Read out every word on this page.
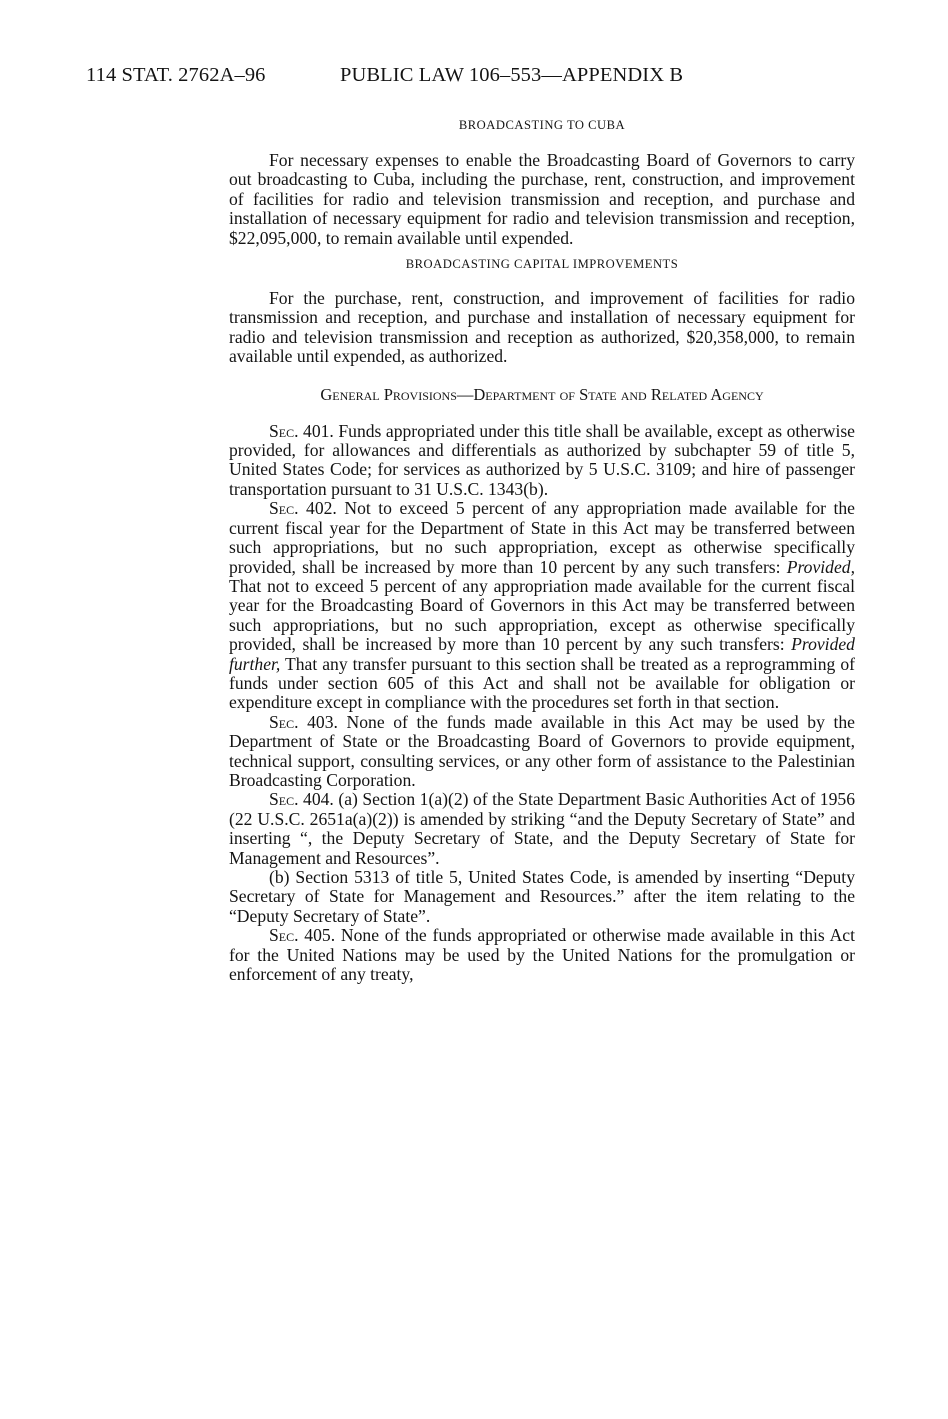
114 STAT. 2762A–96	PUBLIC LAW 106–553—APPENDIX B
BROADCASTING TO CUBA

For necessary expenses to enable the Broadcasting Board of Governors to carry out broadcasting to Cuba, including the purchase, rent, construction, and improvement of facilities for radio and television transmission and reception, and purchase and installation of necessary equipment for radio and television transmission and reception, $22,095,000, to remain available until expended.

BROADCASTING CAPITAL IMPROVEMENTS

For the purchase, rent, construction, and improvement of facilities for radio transmission and reception, and purchase and installation of necessary equipment for radio and television transmission and reception as authorized, $20,358,000, to remain available until expended, as authorized.

General Provisions—Department of State and Related Agency

Sec. 401. Funds appropriated under this title shall be available, except as otherwise provided, for allowances and differentials as authorized by subchapter 59 of title 5, United States Code; for services as authorized by 5 U.S.C. 3109; and hire of passenger transportation pursuant to 31 U.S.C. 1343(b).

Sec. 402. Not to exceed 5 percent of any appropriation made available for the current fiscal year for the Department of State in this Act may be transferred between such appropriations, but no such appropriation, except as otherwise specifically provided, shall be increased by more than 10 percent by any such transfers: Provided, That not to exceed 5 percent of any appropriation made available for the current fiscal year for the Broadcasting Board of Governors in this Act may be transferred between such appropriations, but no such appropriation, except as otherwise specifically provided, shall be increased by more than 10 percent by any such transfers: Provided further, That any transfer pursuant to this section shall be treated as a reprogramming of funds under section 605 of this Act and shall not be available for obligation or expenditure except in compliance with the procedures set forth in that section.

Sec. 403. None of the funds made available in this Act may be used by the Department of State or the Broadcasting Board of Governors to provide equipment, technical support, consulting services, or any other form of assistance to the Palestinian Broadcasting Corporation.

Sec. 404. (a) Section 1(a)(2) of the State Department Basic Authorities Act of 1956 (22 U.S.C. 2651a(a)(2)) is amended by striking “and the Deputy Secretary of State” and inserting “, the Deputy Secretary of State, and the Deputy Secretary of State for Management and Resources”.

(b) Section 5313 of title 5, United States Code, is amended by inserting “Deputy Secretary of State for Management and Resources.” after the item relating to the “Deputy Secretary of State”.

Sec. 405. None of the funds appropriated or otherwise made available in this Act for the United Nations may be used by the United Nations for the promulgation or enforcement of any treaty,
